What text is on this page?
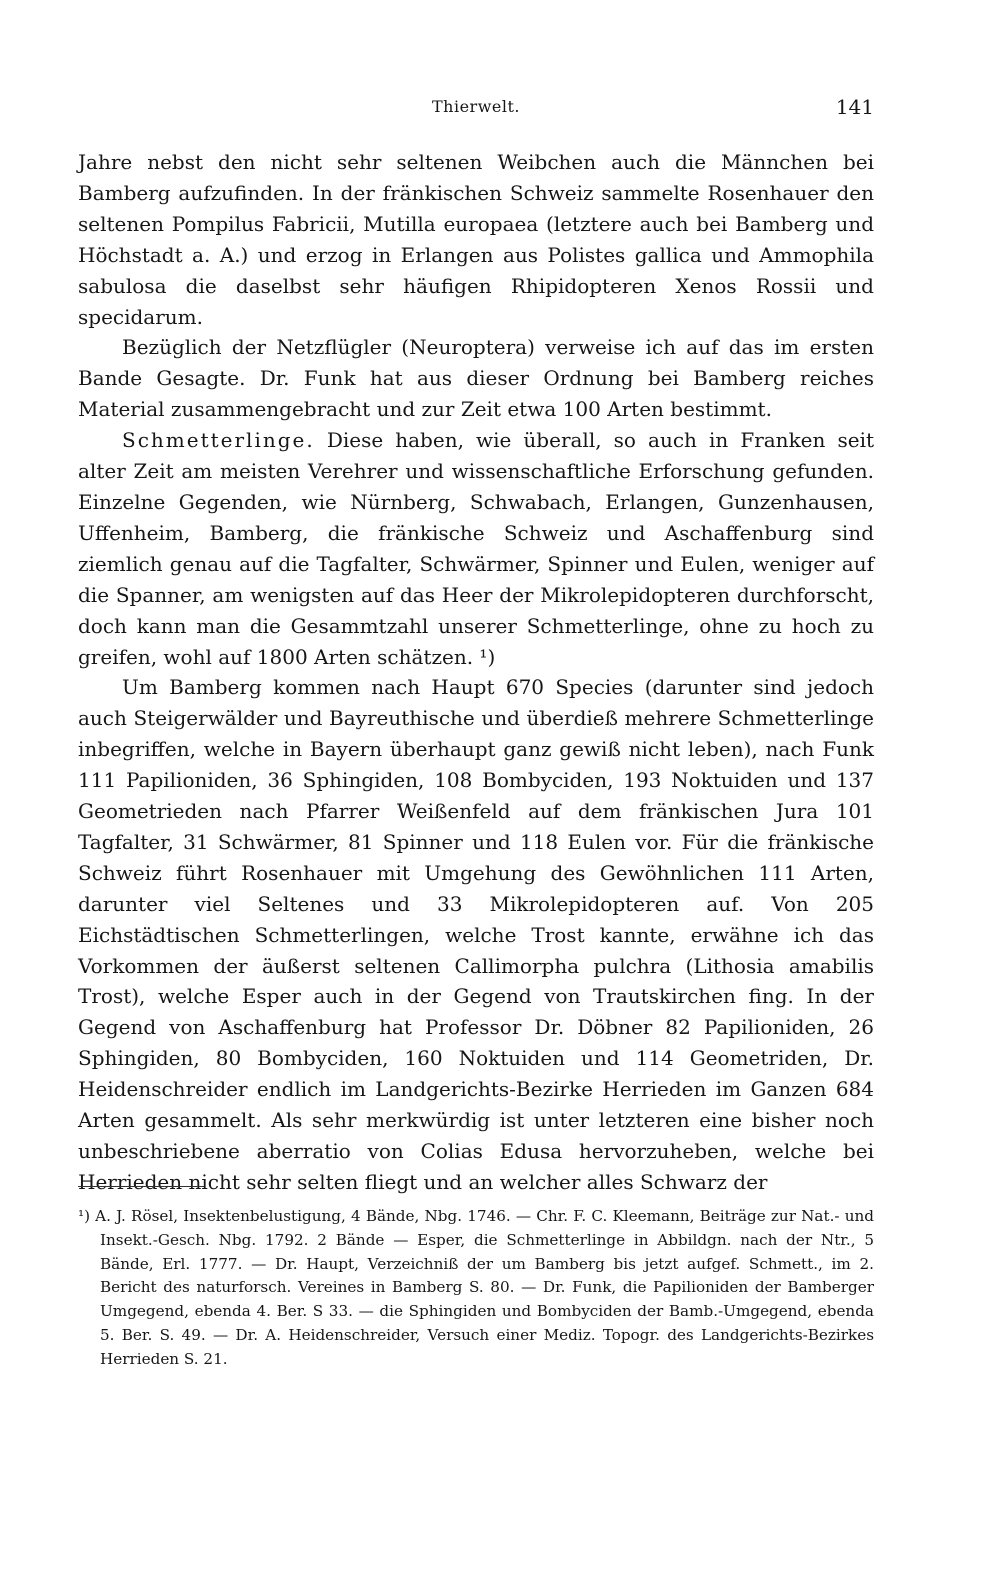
Thierwelt.	141

Jahre nebst den nicht sehr seltenen Weibchen auch die Männchen bei Bamberg aufzufinden. In der fränkischen Schweiz sammelte Rosenhauer den seltenen Pompilus Fabricii, Mutilla europaea (letztere auch bei Bamberg und Höchstadt a. A.) und erzog in Erlangen aus Polistes gallica und Ammophila sabulosa die daselbst sehr häufigen Rhipidopteren Xenos Rossii und specidarum.

Bezüglich der Netzflügler (Neuroptera) verweise ich auf das im ersten Bande Gesagte. Dr. Funk hat aus dieser Ordnung bei Bamberg reiches Material zusammengebracht und zur Zeit etwa 100 Arten bestimmt.

Schmetterlinge. Diese haben, wie überall, so auch in Franken seit alter Zeit am meisten Verehrer und wissenschaftliche Erforschung gefunden. Einzelne Gegenden, wie Nürnberg, Schwabach, Erlangen, Gunzenhausen, Uffenheim, Bamberg, die fränkische Schweiz und Aschaffenburg sind ziemlich genau auf die Tagfalter, Schwärmer, Spinner und Eulen, weniger auf die Spanner, am wenigsten auf das Heer der Mikrolepidopteren durchforscht, doch kann man die Gesammtzahl unserer Schmetterlinge, ohne zu hoch zu greifen, wohl auf 1800 Arten schätzen. ¹)

Um Bamberg kommen nach Haupt 670 Species (darunter sind jedoch auch Steigerwälder und Bayreuthische und überdieß mehrere Schmetterlinge inbegriffen, welche in Bayern überhaupt ganz gewiß nicht leben), nach Funk 111 Papilioniden, 36 Sphingiden, 108 Bombyciden, 193 Noktuiden und 137 Geometrieden nach Pfarrer Weißenfeld auf dem fränkischen Jura 101 Tagfalter, 31 Schwärmer, 81 Spinner und 118 Eulen vor. Für die fränkische Schweiz führt Rosenhauer mit Umgehung des Gewöhnlichen 111 Arten, darunter viel Seltenes und 33 Mikrolepidopteren auf. Von 205 Eichstädtischen Schmetterlingen, welche Trost kannte, erwähne ich das Vorkommen der äußerst seltenen Callimorpha pulchra (Lithosia amabilis Trost), welche Esper auch in der Gegend von Trautskirchen fing. In der Gegend von Aschaffenburg hat Professor Dr. Döbner 82 Papilioniden, 26 Sphingiden, 80 Bombyciden, 160 Noktuiden und 114 Geometriden, Dr. Heidenschreider endlich im Landgerichts-Bezirke Herrieden im Ganzen 684 Arten gesammelt. Als sehr merkwürdig ist unter letzteren eine bisher noch unbeschriebene aberratio von Colias Edusa hervorzuheben, welche bei Herrieden nicht sehr selten fliegt und an welcher alles Schwarz der

¹) A. J. Rösel, Insektenbelustigung, 4 Bände, Nbg. 1746. — Chr. F. C. Kleemann, Beiträge zur Nat.- und Insekt.-Gesch. Nbg. 1792. 2 Bände — Esper, die Schmetterlinge in Abbildgn. nach der Ntr., 5 Bände, Erl. 1777. — Dr. Haupt, Verzeichniß der um Bamberg bis jetzt aufgef. Schmett., im 2. Bericht des naturforsch. Vereines in Bamberg S. 80. — Dr. Funk, die Papilioniden der Bamberger Umgegend, ebenda 4. Ber. S 33. — die Sphingiden und Bombyciden der Bamb.-Umgegend, ebenda 5. Ber. S. 49. — Dr. A. Heidenschreider, Versuch einer Mediz. Topogr. des Landgerichts-Bezirkes Herrieden S. 21.
